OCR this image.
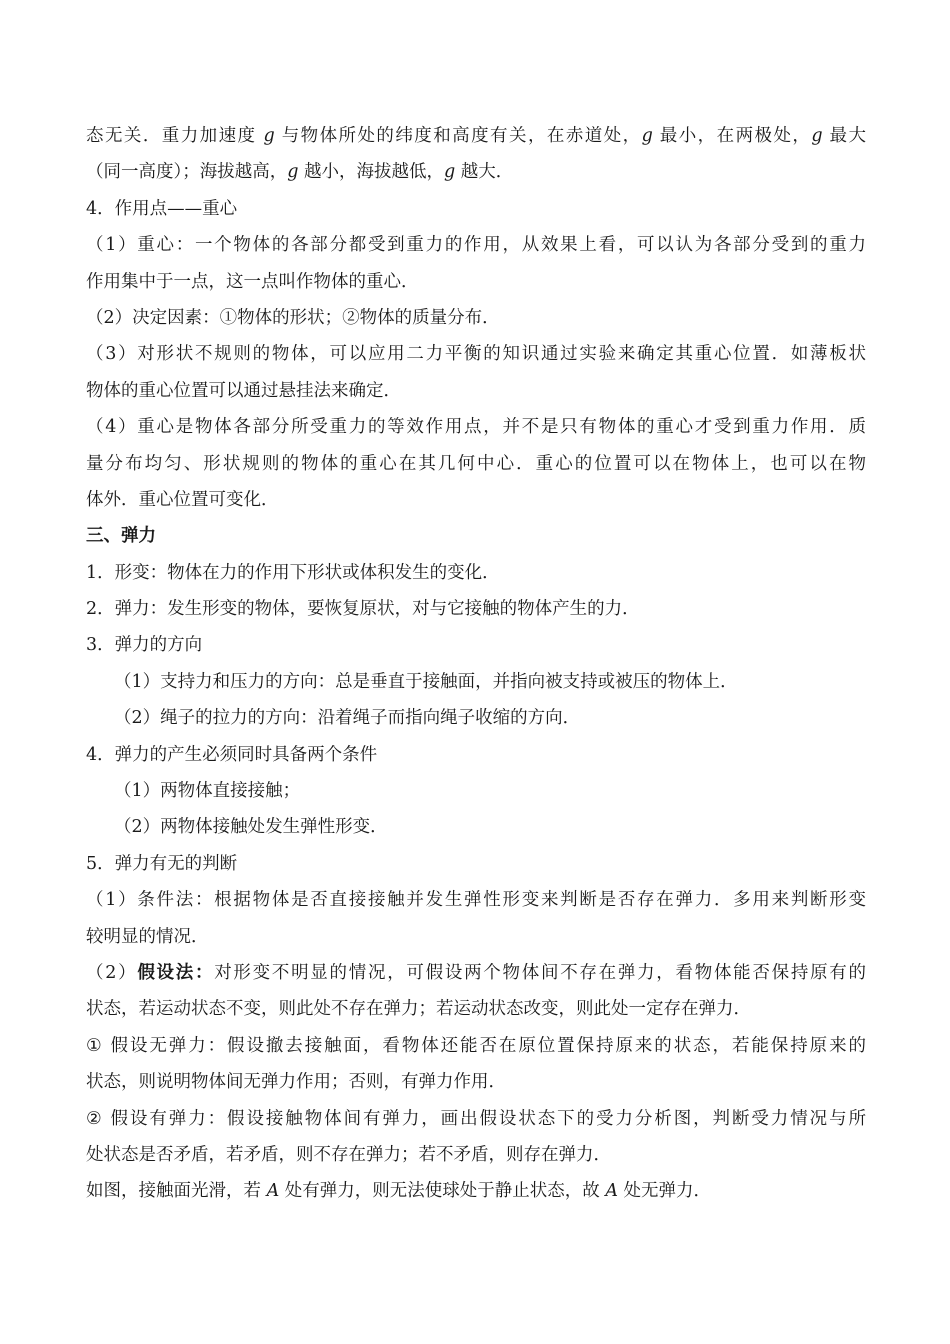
态无关．重力加速度 g 与物体所处的纬度和高度有关，在赤道处，g 最小，在两极处，g 最大
（同一高度）；海拔越高，g 越小，海拔越低，g 越大．
4．作用点——重心
（1）重心：一个物体的各部分都受到重力的作用，从效果上看，可以认为各部分受到的重力
作用集中于一点，这一点叫作物体的重心．
（2）决定因素：①物体的形状；②物体的质量分布．
（3）对形状不规则的物体，可以应用二力平衡的知识通过实验来确定其重心位置．如薄板状
物体的重心位置可以通过悬挂法来确定．
（4）重心是物体各部分所受重力的等效作用点，并不是只有物体的重心才受到重力作用．质
量分布均匀、形状规则的物体的重心在其几何中心．重心的位置可以在物体上，也可以在物
体外．重心位置可变化．
三、弹力
1．形变：物体在力的作用下形状或体积发生的变化．
2．弹力：发生形变的物体，要恢复原状，对与它接触的物体产生的力．
3．弹力的方向
（1）支持力和压力的方向：总是垂直于接触面，并指向被支持或被压的物体上．
（2）绳子的拉力的方向：沿着绳子而指向绳子收缩的方向．
4．弹力的产生必须同时具备两个条件
（1）两物体直接接触；
（2）两物体接触处发生弹性形变．
5．弹力有无的判断
（1）条件法：根据物体是否直接接触并发生弹性形变来判断是否存在弹力．多用来判断形变
较明显的情况．
（2）假设法：对形变不明显的情况，可假设两个物体间不存在弹力，看物体能否保持原有的
状态，若运动状态不变，则此处不存在弹力；若运动状态改变，则此处一定存在弹力．
① 假设无弹力：假设撤去接触面，看物体还能否在原位置保持原来的状态，若能保持原来的
状态，则说明物体间无弹力作用；否则，有弹力作用．
② 假设有弹力：假设接触物体间有弹力，画出假设状态下的受力分析图，判断受力情况与所
处状态是否矛盾，若矛盾，则不存在弹力；若不矛盾，则存在弹力．
如图，接触面光滑，若 A 处有弹力，则无法使球处于静止状态，故 A 处无弹力．
